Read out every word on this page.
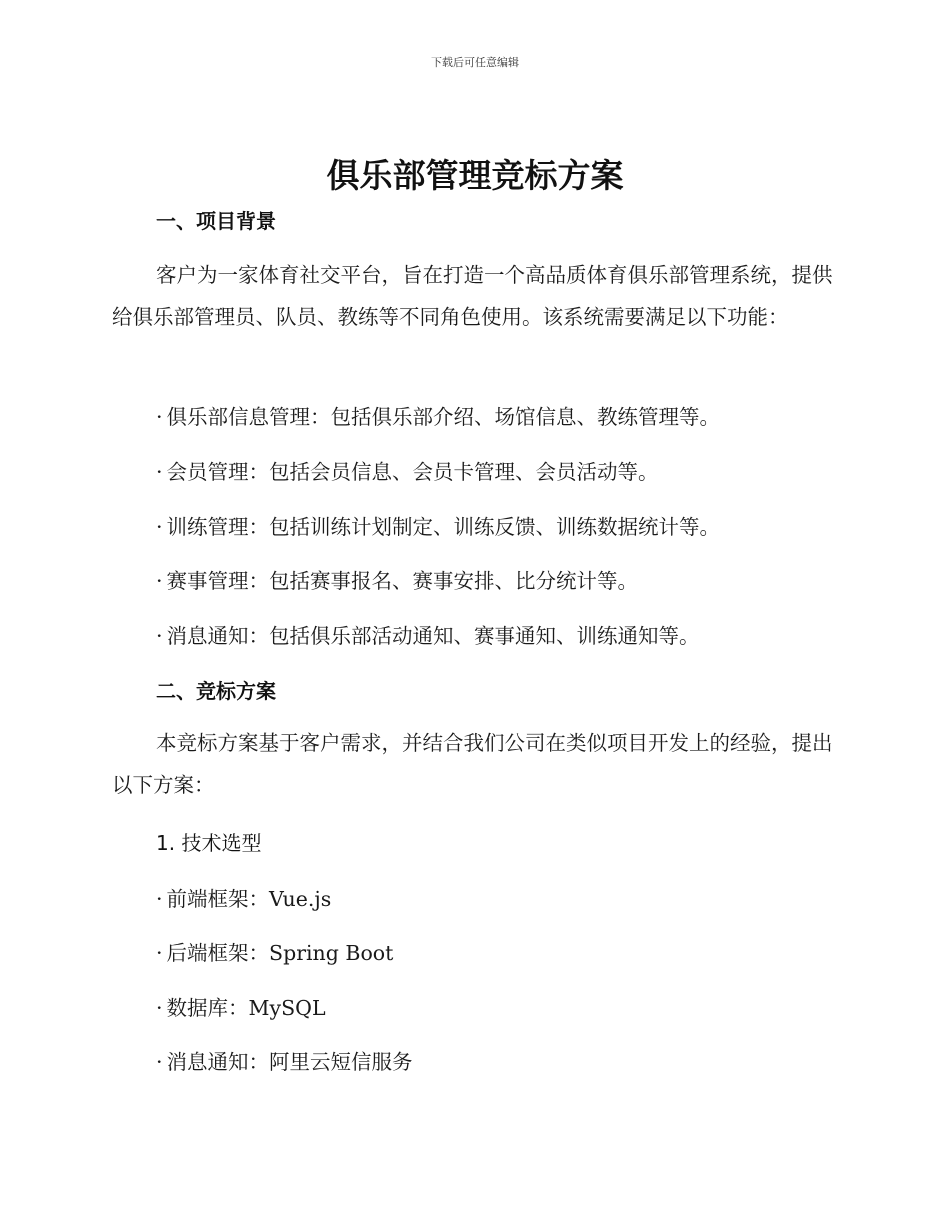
下载后可任意编辑
俱乐部管理竞标方案
一、项目背景
客户为一家体育社交平台，旨在打造一个高品质体育俱乐部管理系统，提供给俱乐部管理员、队员、教练等不同角色使用。该系统需要满足以下功能：
· 俱乐部信息管理：包括俱乐部介绍、场馆信息、教练管理等。
· 会员管理：包括会员信息、会员卡管理、会员活动等。
· 训练管理：包括训练计划制定、训练反馈、训练数据统计等。
· 赛事管理：包括赛事报名、赛事安排、比分统计等。
· 消息通知：包括俱乐部活动通知、赛事通知、训练通知等。
二、竞标方案
本竞标方案基于客户需求，并结合我们公司在类似项目开发上的经验，提出以下方案：
1. 技术选型
· 前端框架：Vue.js
· 后端框架：Spring Boot
· 数据库：MySQL
· 消息通知：阿里云短信服务
